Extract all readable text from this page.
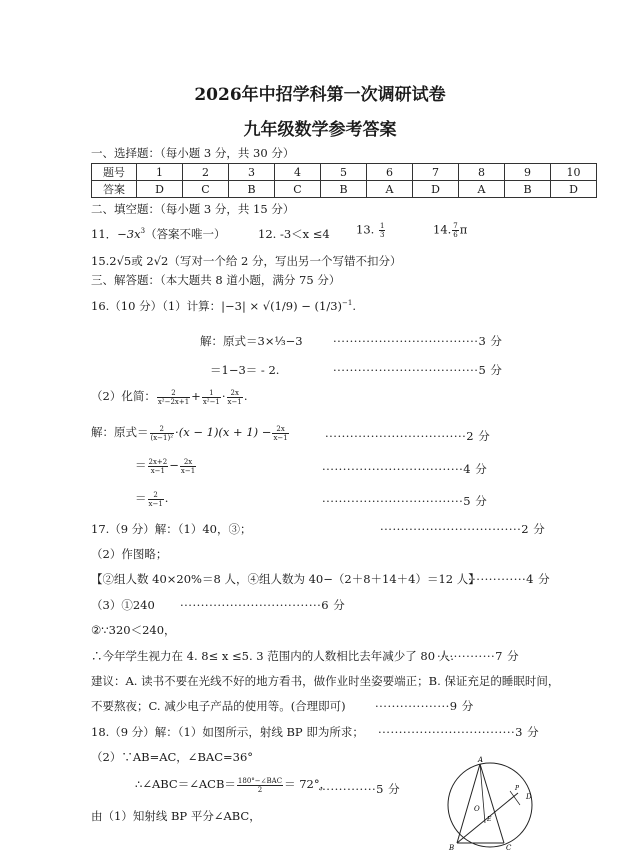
2026年中招学科第一次调研试卷
九年级数学参考答案
一、选择题：（每小题 3 分，共 30 分）
题号	1	2	3	4	5	6	7	8	9	10
答案	D	C	B	C	B	A	D	A	B	D
二、填空题：（每小题 3 分，共 15 分）
11．$-3x^3$（答案不唯一）	12. -3＜x ≤4 13. $\frac{1}{3}$	14. $\frac{7}{6}$ π
15.2√5或 2√2（写对一个给 2 分，写出另一个写错不扣分）
三、解答题：（本大题共 8 道小题，满分 75 分）
16.（10 分）（1）计算：$|-3| \times √(1/9) - (1/3)^{-1}$.
解：原式＝3×⅓−3	···································3 分
＝1−3＝ - 2.	···································5 分
（2）化简： $\frac{2}{\text{x²−2x+1}} + \frac{1}{\text{x²−1}} \cdot \frac{2x}{x-1}$ .
解：原式＝ $\frac{2}{\text{(x−1)²}} \cdot(x - 1)(x + 1) - \frac{2x}{x-1}$	··································2 分
＝ $\frac{2x+2}{x-1} - \frac{2x}{x-1}$	··································4 分
＝ $\frac{2}{x-1}$ .	··································5 分
17.（9 分）解：（1）40，③；	··································2 分
（2）作图略；
【②组人数 40×20%＝8 人，④组人数为 40−（2＋8＋14＋4）＝12 人】
··············4 分
（3）①240 ··································6 分
②∵320＜240，
∴今年学生视力在 4. 8≤ x ≤5. 3 范围内的人数相比去年减少了 80 人.
··············7 分
建议：A. 读书不要在光线不好的地方看书，做作业时坐姿要端正；B. 保证充足的睡眠时间，
不要熬夜；C. 减少电子产品的使用等。(合理即可)	··················9 分
18.（9 分）解：（1）如图所示，射线 BP 即为所求； ·································3 分
（2）∵AB=AC，∠BAC=36°
∴∠ABC＝∠ACB＝ $\frac{\text{180°−∠BAC}}{2} = 72^\circ$，
··············5 分
由（1）知射线 BP 平分∠ABC，
A
B	C
D
E
O
P
